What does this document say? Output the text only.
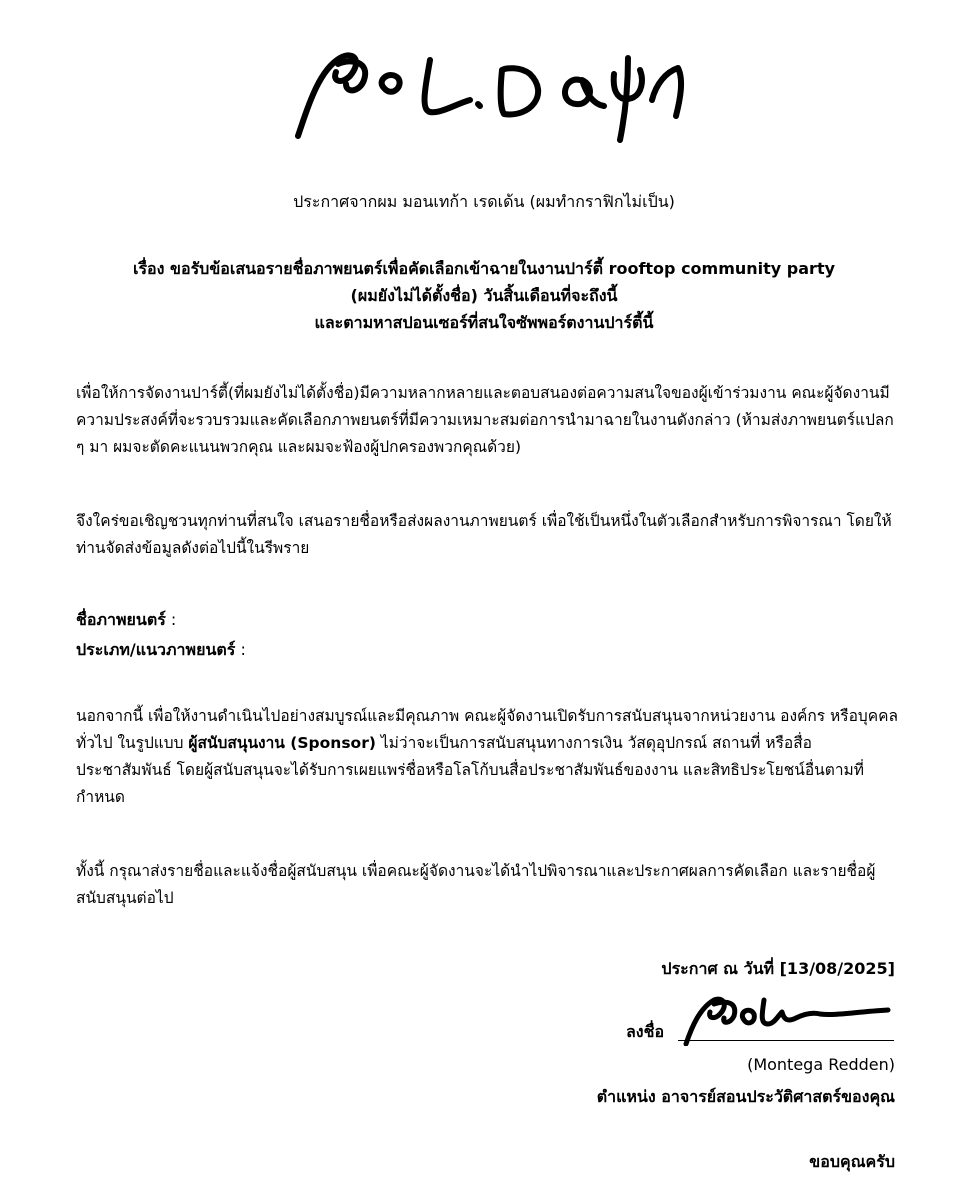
ประกาศจากผม มอนเทก้า เรดเด้น (ผมทำกราฟิกไม่เป็น)
เรื่อง ขอรับข้อเสนอรายชื่อภาพยนตร์เพื่อคัดเลือกเข้าฉายในงานปาร์ตี้ rooftop community party
(ผมยังไม่ได้ตั้งชื่อ) วันสิ้นเดือนที่จะถึงนี้
และตามหาสปอนเซอร์ที่สนใจซัพพอร์ตงานปาร์ตี้นี้
เพื่อให้การจัดงานปาร์ตี้(ที่ผมยังไม่ได้ตั้งชื่อ)มีความหลากหลายและตอบสนองต่อความสนใจของผู้เข้าร่วมงาน คณะผู้จัดงานมีความประสงค์ที่จะรวบรวมและคัดเลือกภาพยนตร์ที่มีความเหมาะสมต่อการนำมาฉายในงานดังกล่าว (ห้ามส่งภาพยนตร์แปลก ๆ มา ผมจะตัดคะแนนพวกคุณ และผมจะฟ้องผู้ปกครองพวกคุณด้วย)
จึงใคร่ขอเชิญชวนทุกท่านที่สนใจ เสนอรายชื่อหรือส่งผลงานภาพยนตร์ เพื่อใช้เป็นหนึ่งในตัวเลือกสำหรับการพิจารณา โดยให้ท่านจัดส่งข้อมูลดังต่อไปนี้ในรีพราย
ชื่อภาพยนตร์ :
ประเภท/แนวภาพยนตร์ :
นอกจากนี้ เพื่อให้งานดำเนินไปอย่างสมบูรณ์และมีคุณภาพ คณะผู้จัดงานเปิดรับการสนับสนุนจากหน่วยงาน องค์กร หรือบุคคลทั่วไป ในรูปแบบ ผู้สนับสนุนงาน (Sponsor) ไม่ว่าจะเป็นการสนับสนุนทางการเงิน วัสดุอุปกรณ์ สถานที่ หรือสื่อประชาสัมพันธ์ โดยผู้สนับสนุนจะได้รับการเผยแพร่ชื่อหรือโลโก้บนสื่อประชาสัมพันธ์ของงาน และสิทธิประโยชน์อื่นตามที่กำหนด
ทั้งนี้ กรุณาส่งรายชื่อและแจ้งชื่อผู้สนับสนุน เพื่อคณะผู้จัดงานจะได้นำไปพิจารณาและประกาศผลการคัดเลือก และรายชื่อผู้สนับสนุนต่อไป
ประกาศ ณ วันที่ [13/08/2025]
ลงชื่อ
(Montega Redden)
ตำแหน่ง อาจารย์สอนประวัติศาสตร์ของคุณ
ขอบคุณครับ
